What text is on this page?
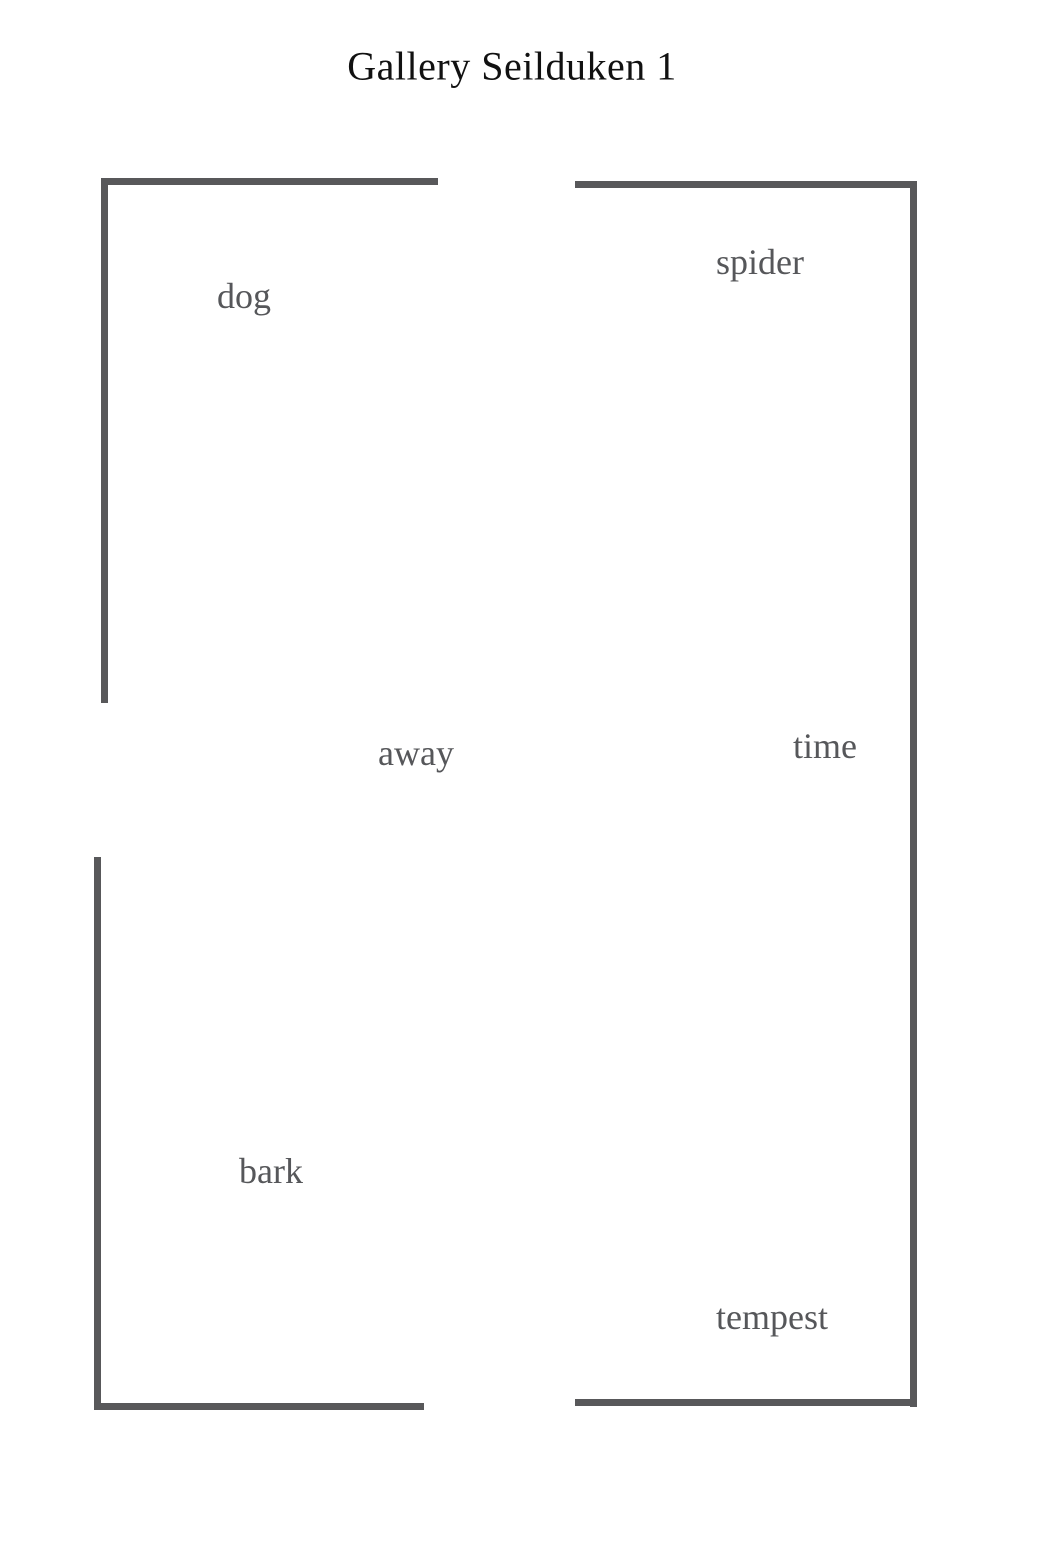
Gallery Seilduken 1
dog
spider
away	time
bark
tempest
